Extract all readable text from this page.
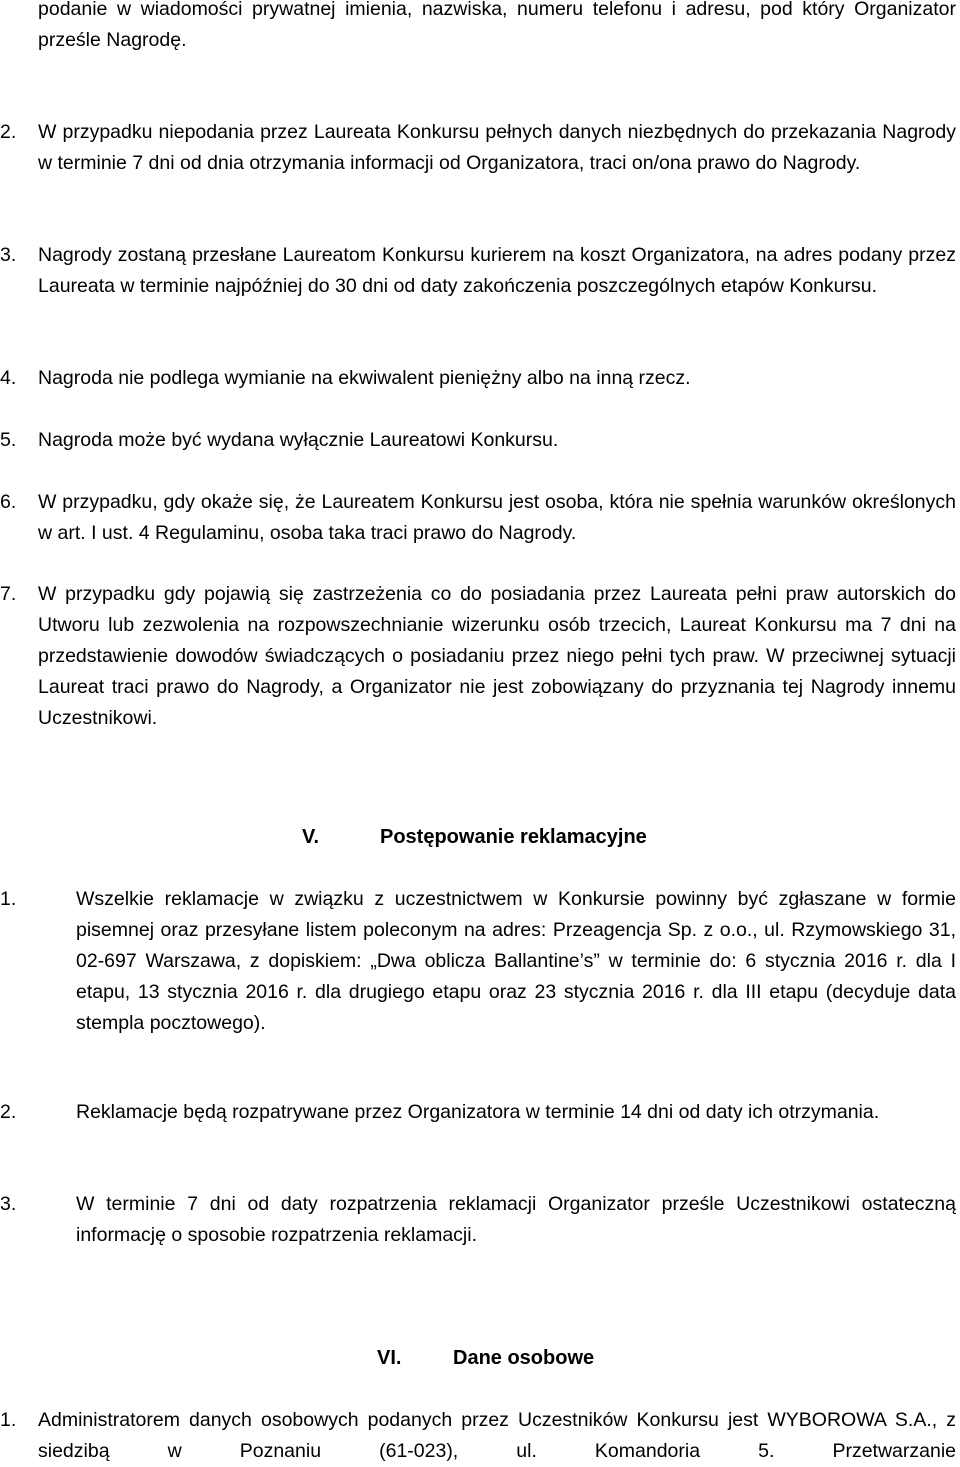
podanie w wiadomości prywatnej imienia, nazwiska, numeru telefonu i adresu, pod który Organizator prześle Nagrodę.

2. W przypadku niepodania przez Laureata Konkursu pełnych danych niezbędnych do przekazania Nagrody w terminie 7 dni od dnia otrzymania informacji od Organizatora, traci on/ona prawo do Nagrody.

3. Nagrody zostaną przesłane Laureatom Konkursu kurierem na koszt Organizatora, na adres podany przez Laureata w terminie najpóźniej do 30 dni od daty zakończenia poszczególnych etapów Konkursu.

4. Nagroda nie podlega wymianie na ekwiwalent pieniężny albo na inną rzecz.

5. Nagroda może być wydana wyłącznie Laureatowi Konkursu.

6. W przypadku, gdy okaże się, że Laureatem Konkursu jest osoba, która nie spełnia warunków określonych w art. I ust. 4 Regulaminu, osoba taka traci prawo do Nagrody.

7. W przypadku gdy pojawią się zastrzeżenia co do posiadania przez Laureata pełni praw autorskich do Utworu lub zezwolenia na rozpowszechnianie wizerunku osób trzecich, Laureat Konkursu ma 7 dni na przedstawienie dowodów świadczących o posiadaniu przez niego pełni tych praw. W przeciwnej sytuacji Laureat traci prawo do Nagrody, a Organizator nie jest zobowiązany do przyznania tej Nagrody innemu Uczestnikowi.

V.	Postępowanie reklamacyjne
1.	Wszelkie reklamacje w związku z uczestnictwem w Konkursie powinny być zgłaszane w formie pisemnej oraz przesyłane listem poleconym na adres: Przeagencja Sp. z o.o., ul. Rzymowskiego 31, 02-697 Warszawa, z dopiskiem: „Dwa oblicza Ballantine’s” w terminie do: 6 stycznia 2016 r. dla I etapu, 13 stycznia 2016 r. dla drugiego etapu oraz 23 stycznia 2016 r. dla III etapu (decyduje data stempla pocztowego).

2.	Reklamacje będą rozpatrywane przez Organizatora w terminie 14 dni od daty ich otrzymania.

3.	W terminie 7 dni od daty rozpatrzenia reklamacji Organizator prześle Uczestnikowi ostateczną informację o sposobie rozpatrzenia reklamacji.

VI.	Dane osobowe
1. Administratorem danych osobowych podanych przez Uczestników Konkursu jest WYBOROWA S.A., z siedzibą w Poznaniu (61-023), ul. Komandoria 5. Przetwarzanie
